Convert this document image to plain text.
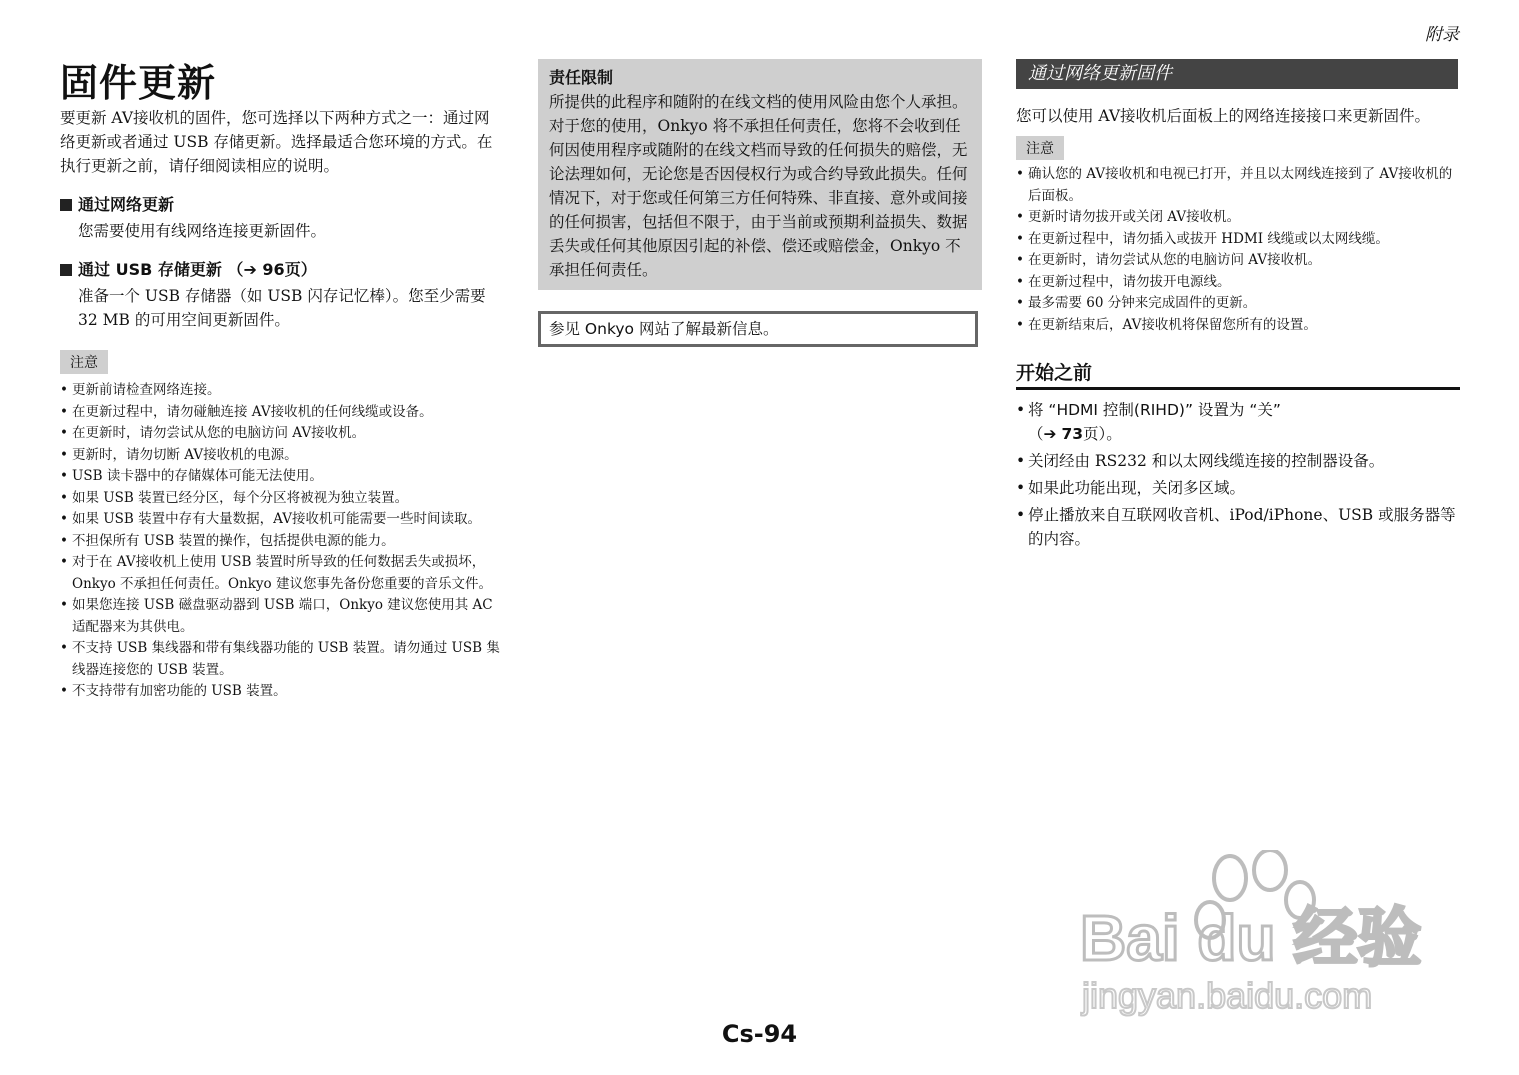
附录
固件更新

要更新 AV接收机的固件，您可选择以下两种方式之一：通过网络更新或者通过 USB 存储更新。选择最适合您环境的方式。在执行更新之前，请仔细阅读相应的说明。

通过网络更新

您需要使用有线网络连接更新固件。

通过 USB 存储更新 （➔ 96页）

准备一个 USB 存储器（如 USB 闪存记忆棒）。您至少需要 32 MB 的可用空间更新固件。

注意
• 更新前请检查网络连接。
• 在更新过程中，请勿碰触连接 AV接收机的任何线缆或设备。
• 在更新时，请勿尝试从您的电脑访问 AV接收机。
• 更新时，请勿切断 AV接收机的电源。
• USB 读卡器中的存储媒体可能无法使用。
• 如果 USB 装置已经分区，每个分区将被视为独立装置。
• 如果 USB 装置中存有大量数据，AV接收机可能需要一些时间读取。
• 不担保所有 USB 装置的操作，包括提供电源的能力。
• 对于在 AV接收机上使用 USB 装置时所导致的任何数据丢失或损坏，Onkyo 不承担任何责任。Onkyo 建议您事先备份您重要的音乐文件。
• 如果您连接 USB 磁盘驱动器到 USB 端口，Onkyo 建议您使用其 AC 适配器来为其供电。
• 不支持 USB 集线器和带有集线器功能的 USB 装置。请勿通过 USB 集线器连接您的 USB 装置。
• 不支持带有加密功能的 USB 装置。
责任限制

所提供的此程序和随附的在线文档的使用风险由您个人承担。对于您的使用，Onkyo 将不承担任何责任，您将不会收到任何因使用程序或随附的在线文档而导致的任何损失的赔偿，无论法理如何，无论您是否因侵权行为或合约导致此损失。任何情况下，对于您或任何第三方任何特殊、非直接、意外或间接的任何损害，包括但不限于，由于当前或预期利益损失、数据丢失或任何其他原因引起的补偿、偿还或赔偿金，Onkyo 不承担任何责任。

参见 Onkyo 网站了解最新信息。
通过网络更新固件

您可以使用 AV接收机后面板上的网络连接接口来更新固件。

注意
• 确认您的 AV接收机和电视已打开，并且以太网线连接到了 AV接收机的后面板。
• 更新时请勿拔开或关闭 AV接收机。
• 在更新过程中，请勿插入或拔开 HDMI 线缆或以太网线缆。
• 在更新时，请勿尝试从您的电脑访问 AV接收机。
• 在更新过程中，请勿拔开电源线。
• 最多需要 60 分钟来完成固件的更新。
• 在更新结束后，AV接收机将保留您所有的设置。
开始之前
• 将 “HDMI 控制(RIHD)” 设置为 “关”
（➔ 73页）。
• 关闭经由 RS232 和以太网线缆连接的控制器设备。
• 如果此功能出现，关闭多区域。
• 停止播放来自互联网收音机、iPod/iPhone、USB 或服务器等的内容。
Bai du 经验
jingyan.baidu.com
Cs-94
